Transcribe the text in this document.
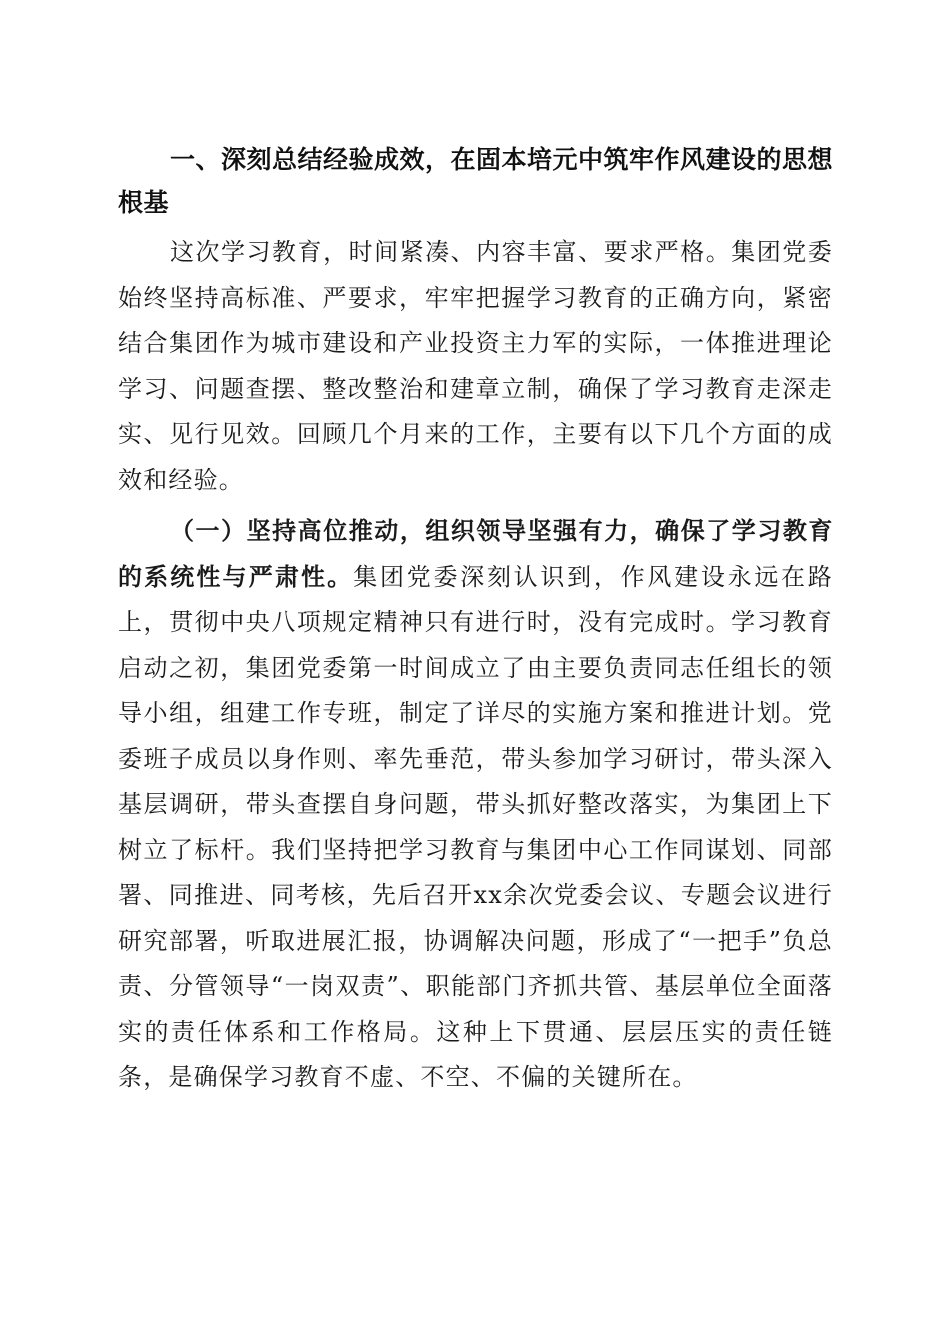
一、深刻总结经验成效，在固本培元中筑牢作风建设的思想根基

这次学习教育，时间紧凑、内容丰富、要求严格。集团党委始终坚持高标准、严要求，牢牢把握学习教育的正确方向，紧密结合集团作为城市建设和产业投资主力军的实际，一体推进理论学习、问题查摆、整改整治和建章立制，确保了学习教育走深走实、见行见效。回顾几个月来的工作，主要有以下几个方面的成效和经验。

（一）坚持高位推动，组织领导坚强有力，确保了学习教育的系统性与严肃性。集团党委深刻认识到，作风建设永远在路上，贯彻中央八项规定精神只有进行时，没有完成时。学习教育启动之初，集团党委第一时间成立了由主要负责同志任组长的领导小组，组建工作专班，制定了详尽的实施方案和推进计划。党委班子成员以身作则、率先垂范，带头参加学习研讨，带头深入基层调研，带头查摆自身问题，带头抓好整改落实，为集团上下树立了标杆。我们坚持把学习教育与集团中心工作同谋划、同部署、同推进、同考核，先后召开xx余次党委会议、专题会议进行研究部署，听取进展汇报，协调解决问题，形成了“一把手”负总责、分管领导“一岗双责”、职能部门齐抓共管、基层单位全面落实的责任体系和工作格局。这种上下贯通、层层压实的责任链条，是确保学习教育不虚、不空、不偏的关键所在。
